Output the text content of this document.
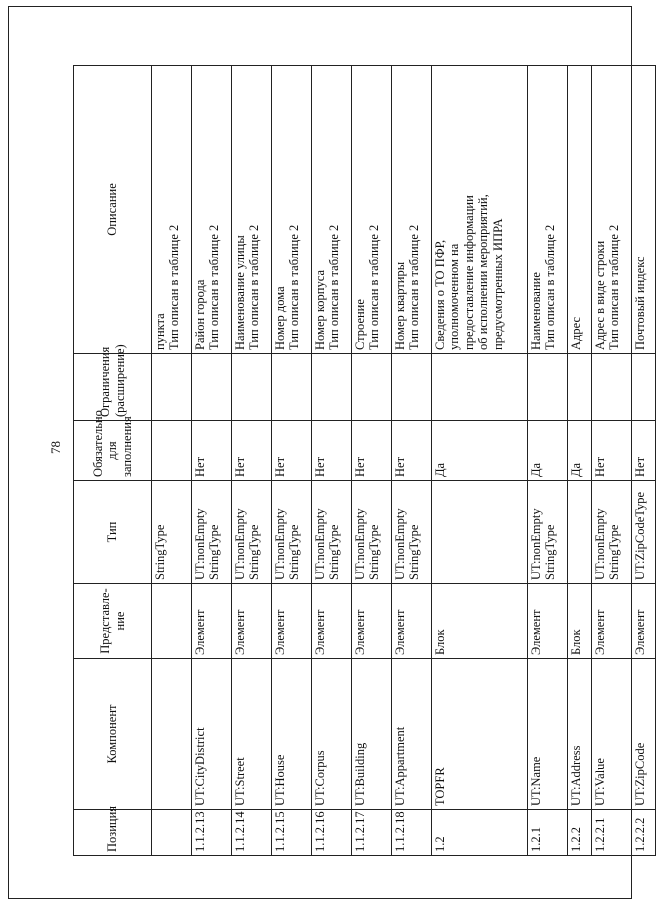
78
Позиция	Компонент	Представле-
ние	Тип	Обязательно
для
заполнения	Ограничения
(расширение)	Описание
			StringType			пункта
Тип описан в таблице 2
1.1.2.13	UT:CityDistrict	Элемент	UT:nonEmpty
StringType	Нет		Район города
Тип описан в таблице 2
1.1.2.14	UT:Street	Элемент	UT:nonEmpty
StringType	Нет		Наименование улицы
Тип описан в таблице 2
1.1.2.15	UT:House	Элемент	UT:nonEmpty
StringType	Нет		Номер дома
Тип описан в таблице 2
1.1.2.16	UT:Corpus	Элемент	UT:nonEmpty
StringType	Нет		Номер корпуса
Тип описан в таблице 2
1.1.2.17	UT:Building	Элемент	UT:nonEmpty
StringType	Нет		Строение
Тип описан в таблице 2
1.1.2.18	UT:Appartment	Элемент	UT:nonEmpty
StringType	Нет		Номер квартиры
Тип описан в таблице 2
1.2	TOPFR	Блок		Да		Сведения о ТО ПФР,
уполномоченном на
предоставление информации
об исполнении мероприятий,
предусмотренных ИПРА
1.2.1	UT:Name	Элемент	UT:nonEmpty
StringType	Да		Наименование
Тип описан в таблице 2
1.2.2	UT:Address	Блок		Да		Адрес
1.2.2.1	UT:Value	Элемент	UT:nonEmpty
StringType	Нет		Адрес в виде строки
Тип описан в таблице 2
1.2.2.2	UT:ZipCode	Элемент	UT:ZipCodeType	Нет		Почтовый индекс
